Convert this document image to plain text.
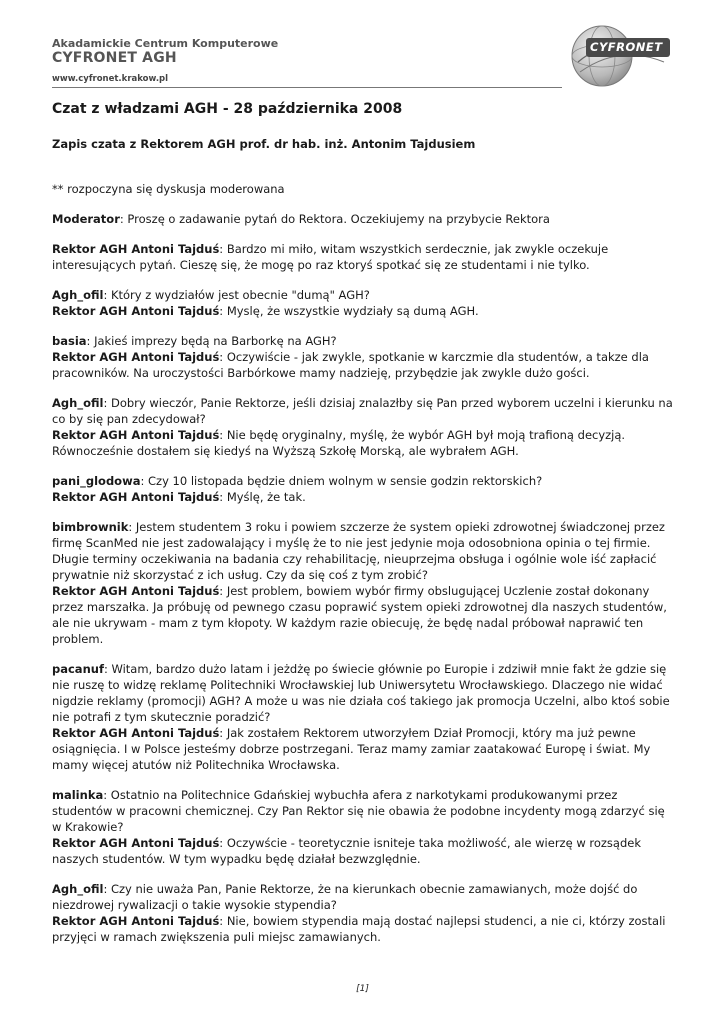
Akadamickie Centrum Komputerowe
CYFRONET AGH
www.cyfronet.krakow.pl
CYFRONET
Czat z władzami AGH - 28 października 2008
Zapis czata z Rektorem AGH prof. dr hab. inż. Antonim Tajdusiem

** rozpoczyna się dyskusja moderowana

Moderator: Proszę o zadawanie pytań do Rektora. Oczekiujemy na przybycie Rektora

Rektor AGH Antoni Tajduś: Bardzo mi miło, witam wszystkich serdecznie, jak zwykle oczekuje interesujących pytań. Cieszę się, że mogę po raz ktoryś spotkać się ze studentami i nie tylko.

Agh_ofil: Który z wydziałów jest obecnie "dumą" AGH?

Rektor AGH Antoni Tajduś: Myslę, że wszystkie wydziały są dumą AGH.

basia: Jakieś imprezy będą na Barborkę na AGH?

Rektor AGH Antoni Tajduś: Oczywiście - jak zwykle, spotkanie w karczmie dla studentów, a takze dla pracowników. Na uroczystości Barbórkowe mamy nadzieję, przybędzie jak zwykle dużo gości.

Agh_ofil: Dobry wieczór, Panie Rektorze, jeśli dzisiaj znalazłby się Pan przed wyborem uczelni i kierunku na co by się pan zdecydował?

Rektor AGH Antoni Tajduś: Nie będę oryginalny, myślę, że wybór AGH był moją trafioną decyzją. Równocześnie dostałem się kiedyś na Wyższą Szkołę Morską, ale wybrałem AGH.

pani_glodowa: Czy 10 listopada będzie dniem wolnym w sensie godzin rektorskich?

Rektor AGH Antoni Tajduś: Myślę, że tak.

bimbrownik: Jestem studentem 3 roku i powiem szczerze że system opieki zdrowotnej świadczonej przez firmę ScanMed nie jest zadowalający i myślę że to nie jest jedynie moja odosobniona opinia o tej firmie. Długie terminy oczekiwania na badania czy rehabilitację, nieuprzejma obsługa i ogólnie wole iść zapłacić prywatnie niż skorzystać z ich usług. Czy da się coś z tym zrobić?

Rektor AGH Antoni Tajduś: Jest problem, bowiem wybór firmy obslugującej Uczlenie został dokonany przez marszałka. Ja próbuję od pewnego czasu poprawić system opieki zdrowotnej dla naszych studentów, ale nie ukrywam - mam z tym kłopoty. W każdym razie obiecuję, że będę nadal próbował naprawić ten problem.

pacanuf: Witam, bardzo dużo latam i jeżdżę po świecie głównie po Europie i zdziwił mnie fakt że gdzie się nie ruszę to widzę reklamę Politechniki Wrocławskiej lub Uniwersytetu Wrocławskiego. Dlaczego nie widać nigdzie reklamy (promocji) AGH? A może u was nie działa coś takiego jak promocja Uczelni, albo ktoś sobie nie potrafi z tym skutecznie poradzić?

Rektor AGH Antoni Tajduś: Jak zostałem Rektorem utworzyłem Dział Promocji, który ma już pewne osiągnięcia. I w Polsce jesteśmy dobrze postrzegani. Teraz mamy zamiar zaatakować Europę i świat. My mamy więcej atutów niż Politechnika Wrocławska.

malinka: Ostatnio na Politechnice Gdańskiej wybuchła afera z narkotykami produkowanymi przez studentów w pracowni chemicznej. Czy Pan Rektor się nie obawia że podobne incydenty mogą zdarzyć się w Krakowie?

Rektor AGH Antoni Tajduś: Oczywście - teoretycznie isniteje taka możliwość, ale wierzę w rozsądek naszych studentów. W tym wypadku będę działał bezwzględnie.

Agh_ofil: Czy nie uważa Pan, Panie Rektorze, że na kierunkach obecnie zamawianych, może dojść do niezdrowej rywalizacji o takie wysokie stypendia?

Rektor AGH Antoni Tajduś: Nie, bowiem stypendia mają dostać najlepsi studenci, a nie ci, którzy zostali przyjęci w ramach zwiększenia puli miejsc zamawianych.

[1]
